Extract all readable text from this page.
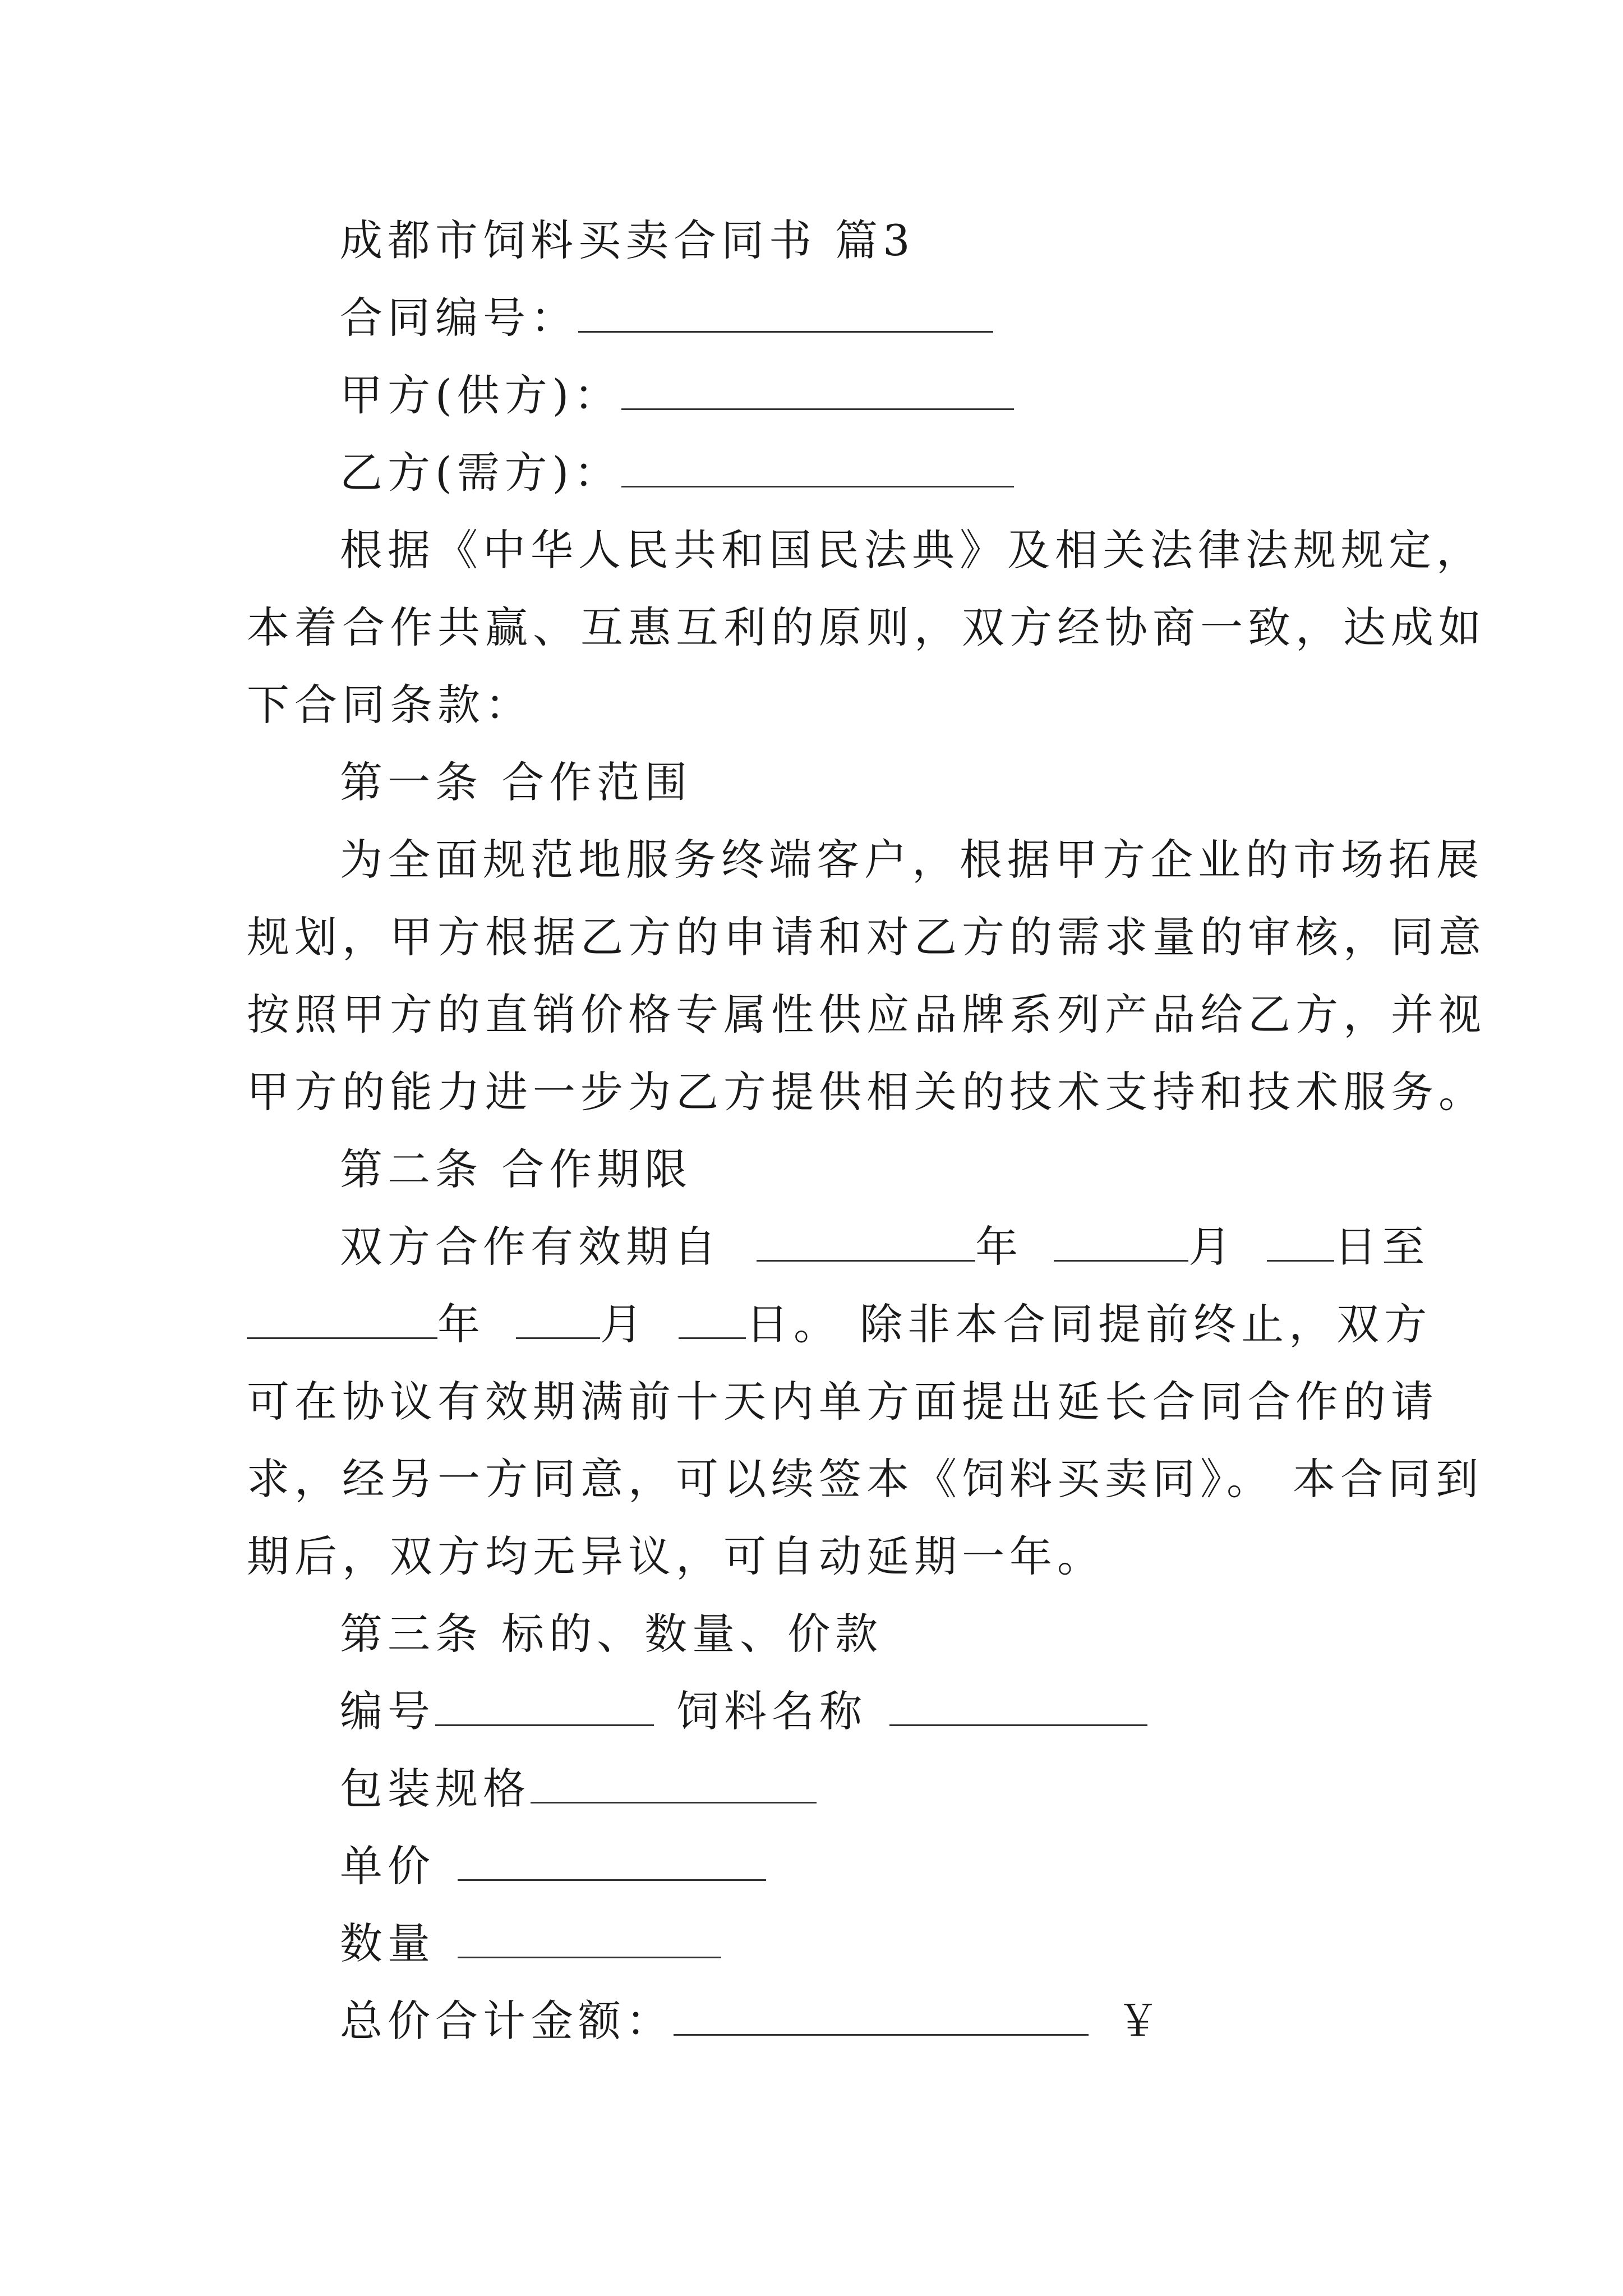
成都市饲料买卖合同书 篇3
合同编号：
甲方(供方)：
乙方(需方)：
根据《中华人民共和国民法典》及相关法律法规规定，
本着合作共赢、互惠互利的原则，双方经协商一致，达成如
下合同条款：
第一条 合作范围
为全面规范地服务终端客户，根据甲方企业的市场拓展
规划，甲方根据乙方的申请和对乙方的需求量的审核，同意
按照甲方的直销价格专属性供应品牌系列产品给乙方，并视
甲方的能力进一步为乙方提供相关的技术支持和技术服务。
第二条 合作期限
双方合作有效期自	年	月 日至
年	月 日。 除非本合同提前终止，双方
可在协议有效期满前十天内单方面提出延长合同合作的请
求，经另一方同意，可以续签本《饲料买卖同》。 本合同到
期后，双方均无异议，可自动延期一年。
第三条 标的、数量、价款
编号	饲料名称
包装规格
单价
数量
总价合计金额：	￥
